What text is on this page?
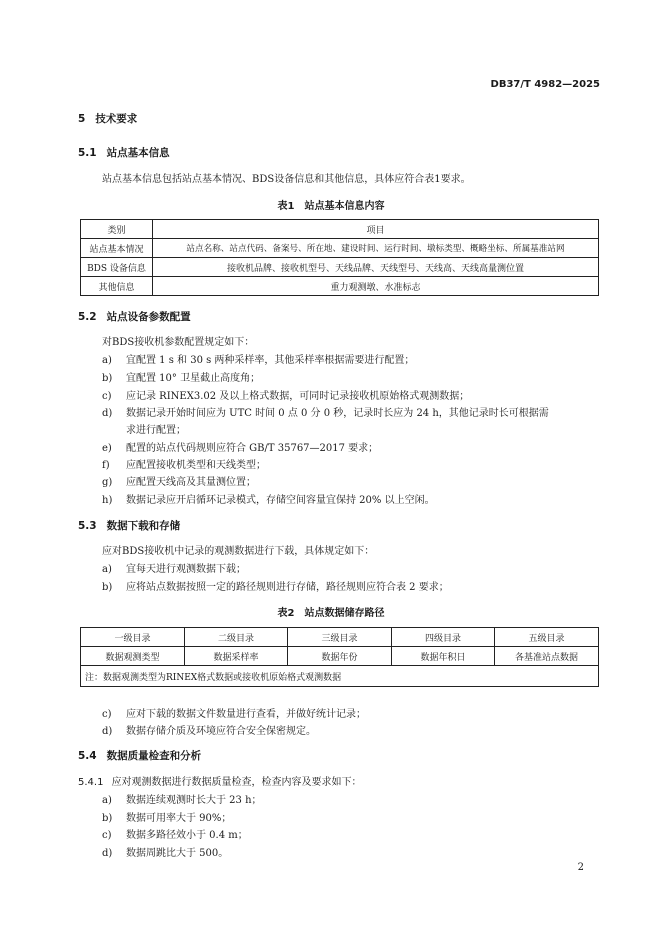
DB37/T 4982—2025
5 技术要求
5.1 站点基本信息
站点基本信息包括站点基本情况、BDS设备信息和其他信息，具体应符合表1要求。
表1　站点基本信息内容
类别	项目
站点基本情况	站点名称、站点代码、备案号、所在地、建设时间、运行时间、墩标类型、概略坐标、所属基准站网
BDS 设备信息	接收机品牌、接收机型号、天线品牌、天线型号、天线高、天线高量测位置
其他信息	重力观测墩、水准标志
5.2 站点设备参数配置
对BDS接收机参数配置规定如下：
a) 宜配置 1 s 和 30 s 两种采样率，其他采样率根据需要进行配置；
b) 宜配置 10° 卫星截止高度角；
c) 应记录 RINEX3.02 及以上格式数据，可同时记录接收机原始格式观测数据；
d) 数据记录开始时间应为 UTC 时间 0 点 0 分 0 秒，记录时长应为 24 h，其他记录时长可根据需
求进行配置；
e) 配置的站点代码规则应符合 GB/T 35767—2017 要求；
f) 应配置接收机类型和天线类型；
g) 应配置天线高及其量测位置；
h) 数据记录应开启循环记录模式，存储空间容量宜保持 20% 以上空闲。
5.3 数据下载和存储
应对BDS接收机中记录的观测数据进行下载，具体规定如下：
a) 宜每天进行观测数据下载；
b) 应将站点数据按照一定的路径规则进行存储，路径规则应符合表 2 要求；
表2　站点数据储存路径
一级目录	二级目录	三级目录	四级目录	五级目录
数据观测类型	数据采样率	数据年份	数据年积日	各基准站点数据
注：数据观测类型为RINEX格式数据或接收机原始格式观测数据				
c) 应对下载的数据文件数量进行查看，并做好统计记录；
d) 数据存储介质及环境应符合安全保密规定。
5.4 数据质量检查和分析
5.4.1 应对观测数据进行数据质量检查，检查内容及要求如下：
a) 数据连续观测时长大于 23 h；
b) 数据可用率大于 90%；
c) 数据多路径效小于 0.4 m；
d) 数据周跳比大于 500。
2
